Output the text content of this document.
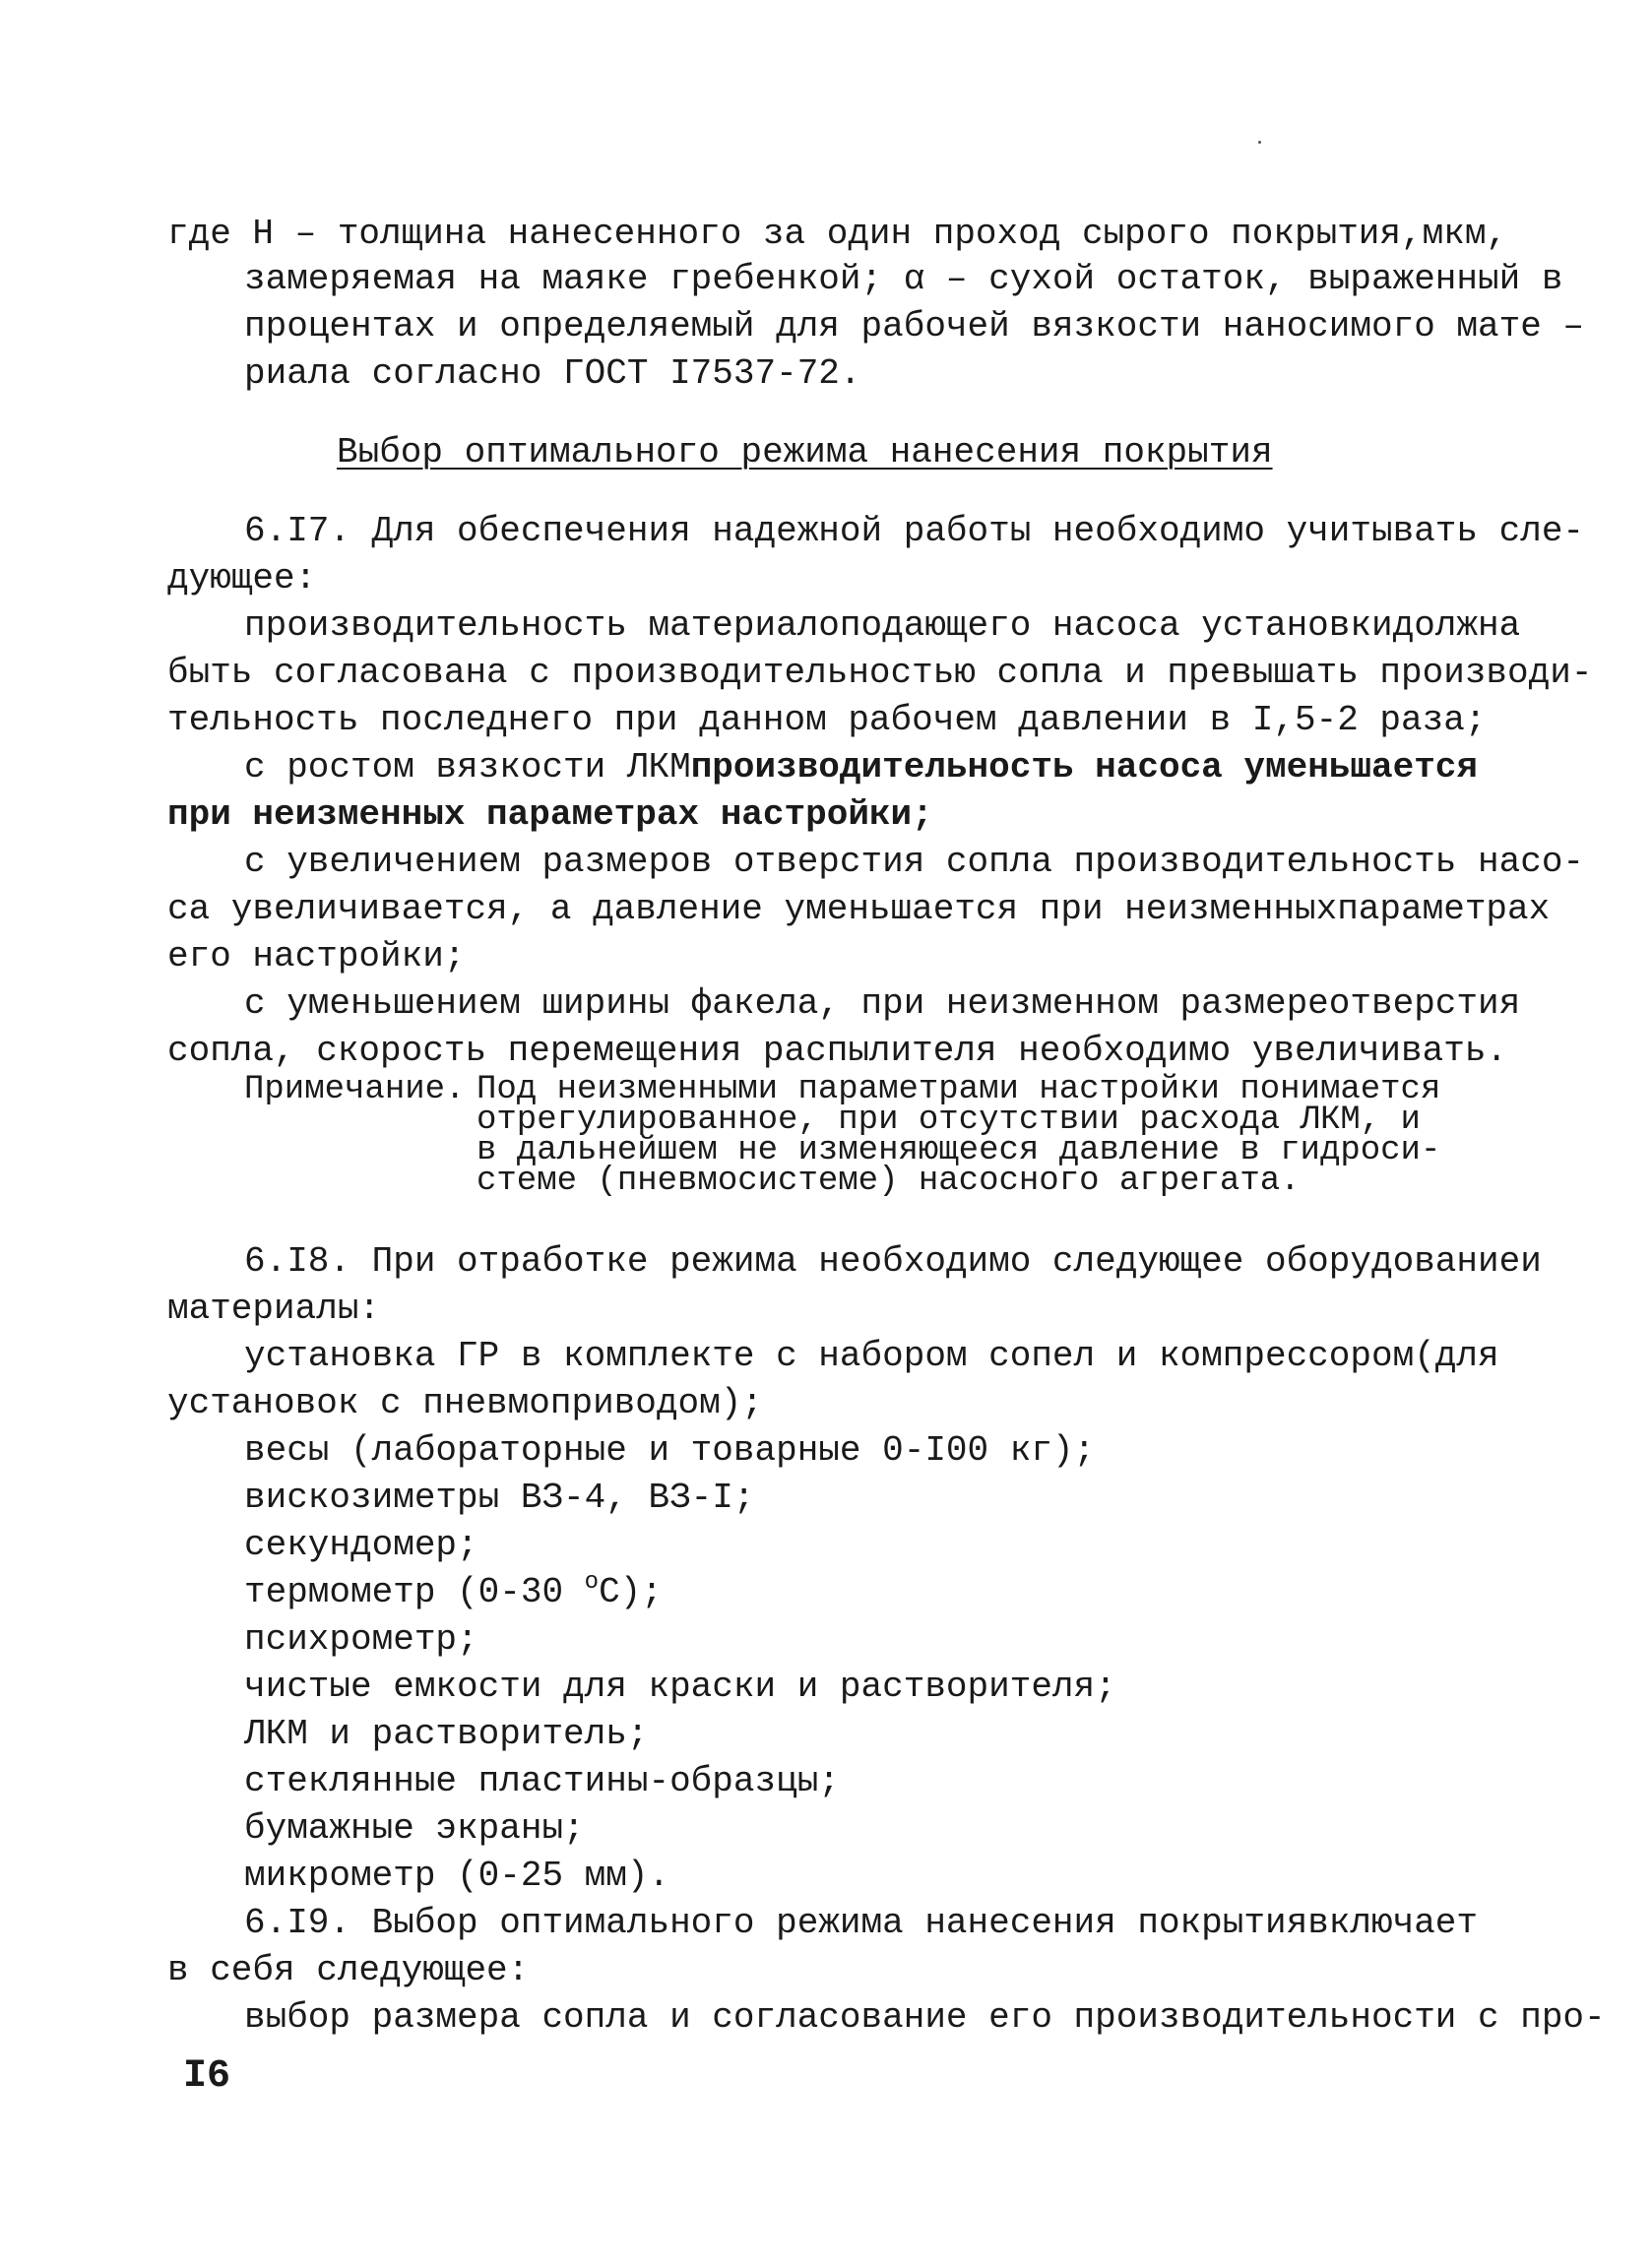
где Н – толщина нанесенного за один проход сырого покрытия, мкм,
замеряемая на маяке гребенкой; α – сухой остаток, выраженный в
процентах и определяемый для рабочей вязкости наносимого мате –
риала согласно ГОСТ I7537-72.
Выбор оптимального режима нанесения покрытия
6.I7. Для обеспечения надежной работы необходимо учитывать сле-
дующее:
производительность материалоподающего насоса установки должна
быть согласована с производительностью сопла и превышать производи-
тельность последнего при данном рабочем давлении в I,5-2 раза;
с ростом вязкости ЛКМ производительность насоса уменьшается
при неизменных параметрах настройки;
с увеличением размеров отверстия сопла производительность насо-
са увеличивается, а давление уменьшается при неизменных параметрах
его настройки;
с уменьшением ширины факела, при неизменном размере отверстия
сопла, скорость перемещения распылителя необходимо увеличивать.
Примечание. Под неизменными параметрами настройки понимается
отрегулированное, при отсутствии расхода ЛКМ, и
в дальнейшем не изменяющееся давление в гидроси-
стеме (пневмосистеме) насосного агрегата.
6.I8. При отработке режима необходимо следующее оборудование и
материалы:
установка ГР в комплекте с набором сопел и компрессором (для
установок с пневмоприводом);
весы (лабораторные и товарные 0-I00 кг);
вискозиметры ВЗ-4, ВЗ-I;
секундомер;
термометр (0-30 $^о$С);
психрометр;
чистые емкости для краски и растворителя;
ЛКМ и растворитель;
стеклянные пластины-образцы;
бумажные экраны;
микрометр (0-25 мм).
6.I9. Выбор оптимального режима нанесения покрытия включает
в себя следующее:
выбор размера сопла и согласование его производительности с про-
I6
